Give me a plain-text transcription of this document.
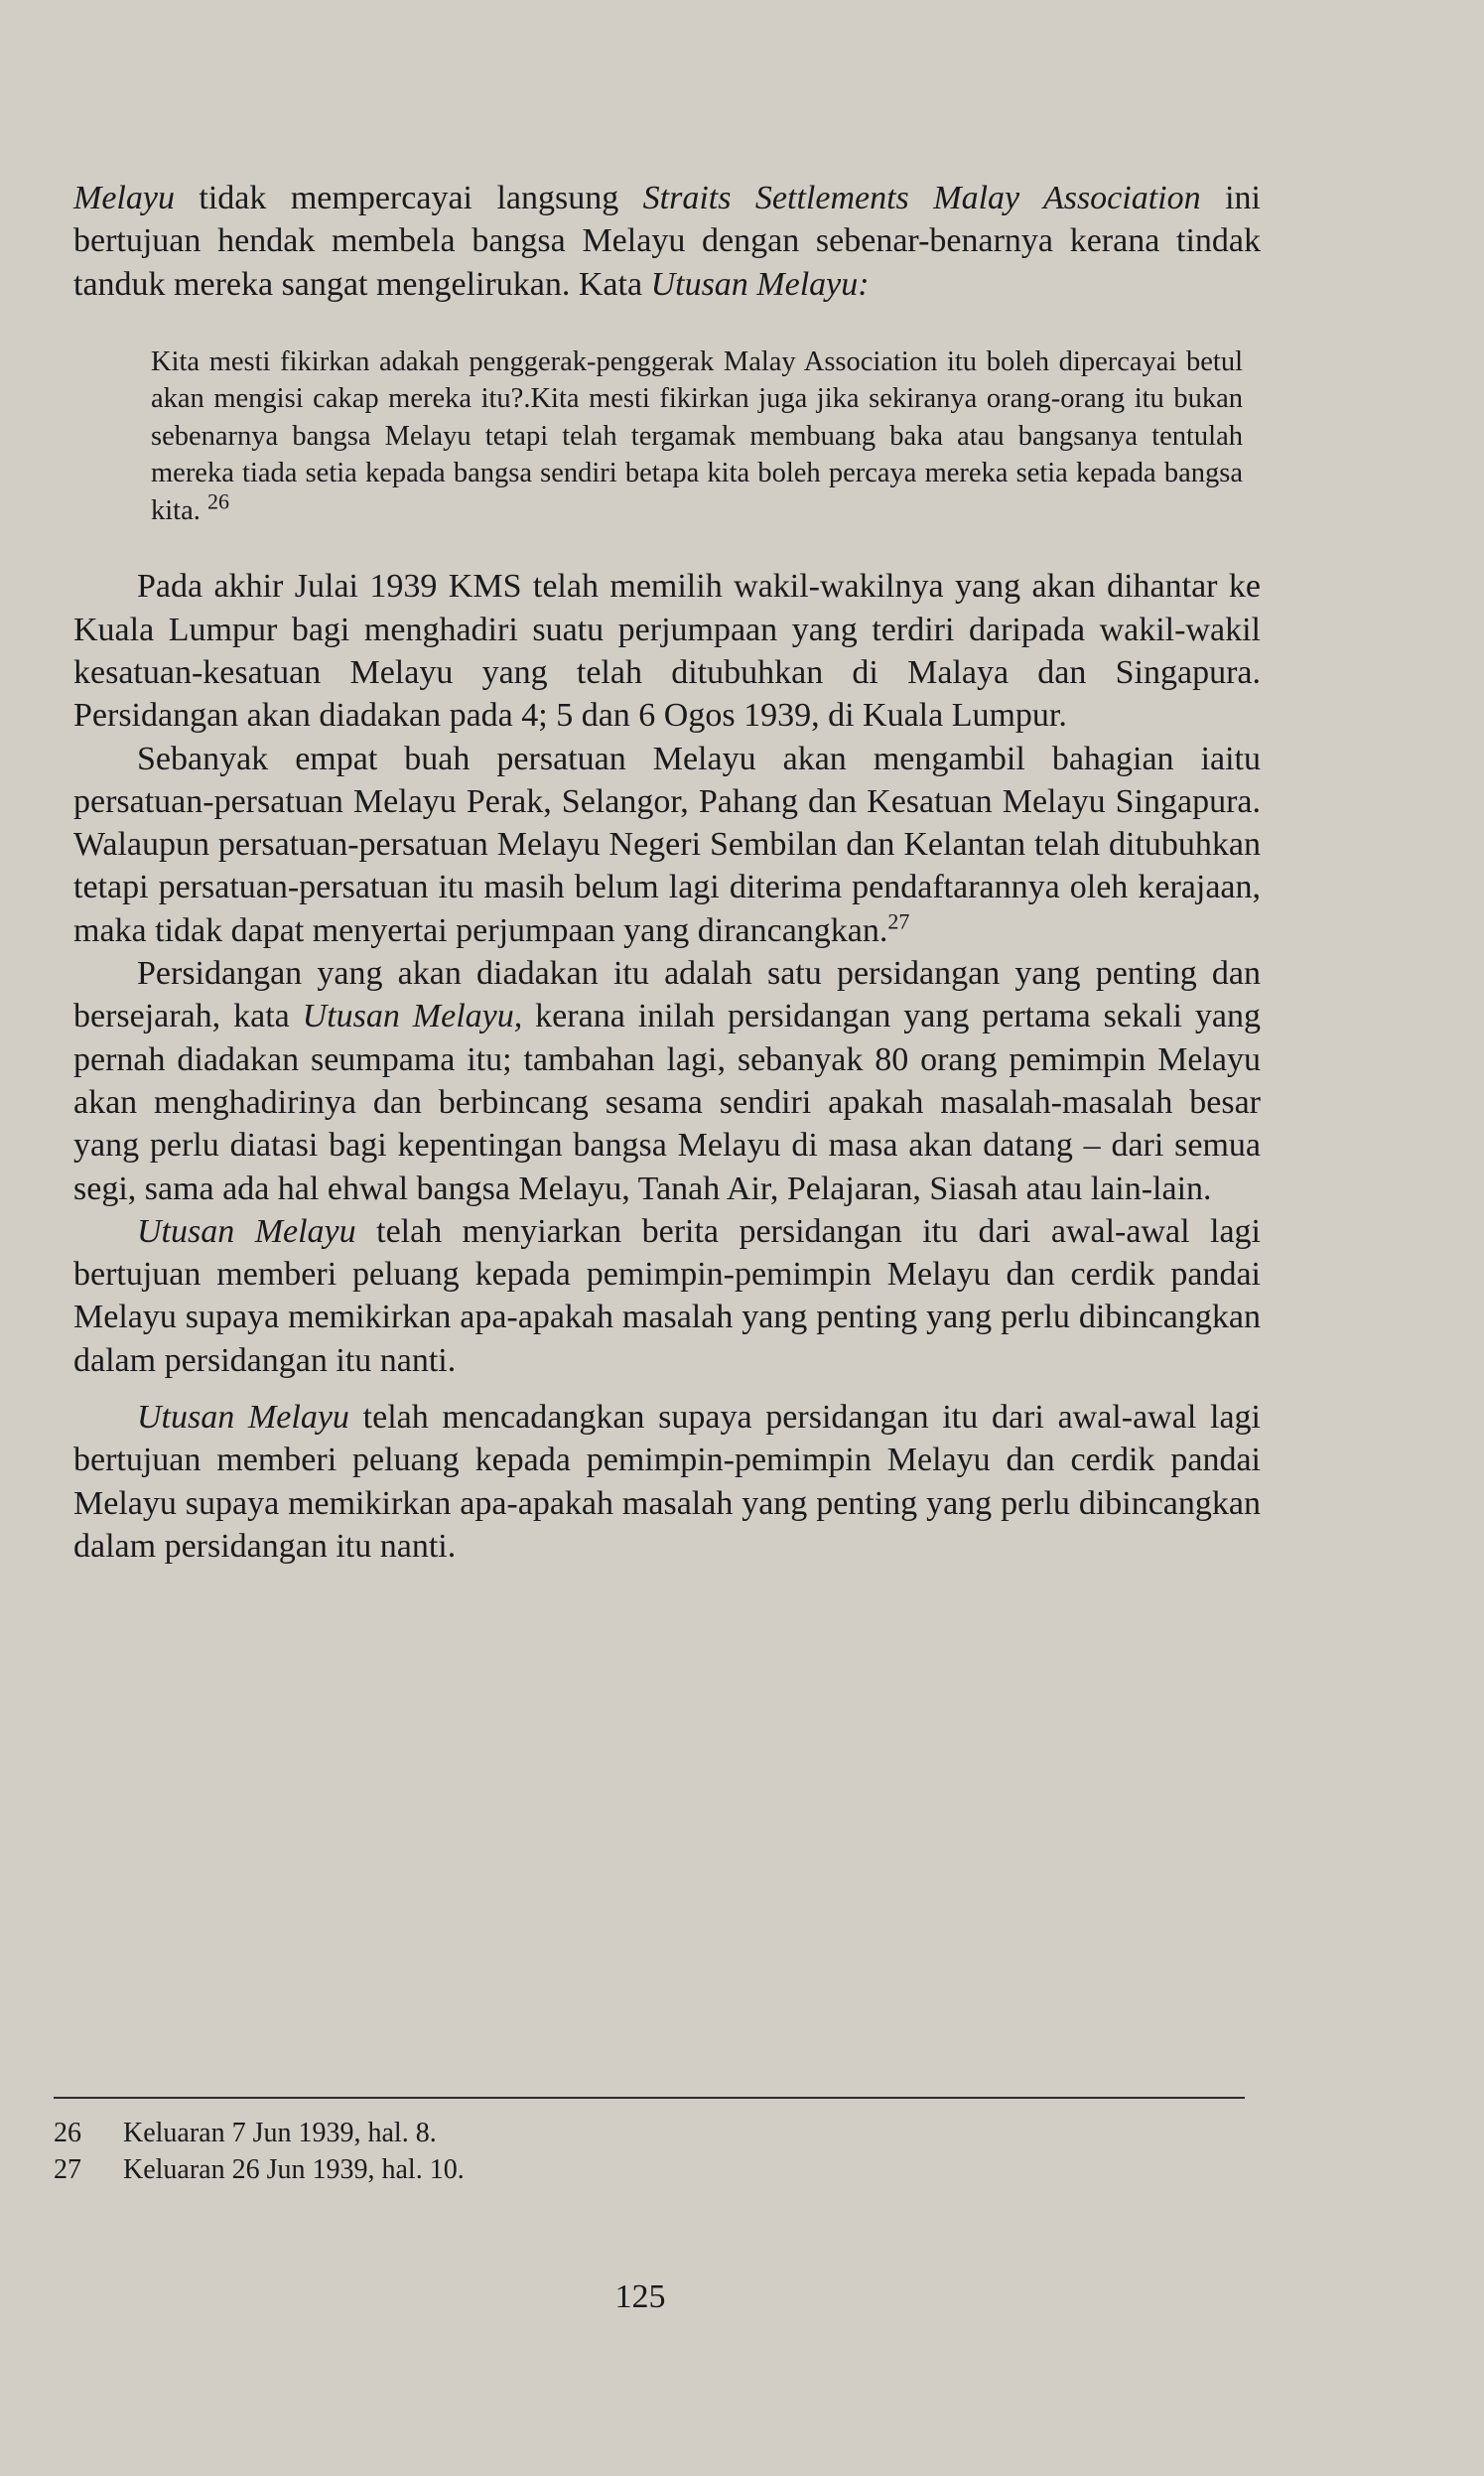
Melayu tidak mempercayai langsung Straits Settlements Malay Association ini bertujuan hendak membela bangsa Melayu dengan sebenar-benarnya kerana tindak tanduk mereka sangat mengelirukan. Kata Utusan Melayu:

Kita mesti fikirkan adakah penggerak-penggerak Malay Association itu boleh dipercayai betul akan mengisi cakap mereka itu?.Kita mesti fikirkan juga jika sekiranya orang-orang itu bukan sebenarnya bangsa Melayu tetapi telah tergamak membuang baka atau bangsanya tentulah mereka tiada setia kepada bangsa sendiri betapa kita boleh percaya mereka setia kepada bangsa kita. $^{26}$

Pada akhir Julai 1939 KMS telah memilih wakil-wakilnya yang akan dihantar ke Kuala Lumpur bagi menghadiri suatu perjumpaan yang terdiri daripada wakil-wakil kesatuan-kesatuan Melayu yang telah ditubuhkan di Malaya dan Singapura. Persidangan akan diadakan pada 4; 5 dan 6 Ogos 1939, di Kuala Lumpur.

Sebanyak empat buah persatuan Melayu akan mengambil bahagian iaitu persatuan-persatuan Melayu Perak, Selangor, Pahang dan Kesatuan Melayu Singapura. Walaupun persatuan-persatuan Melayu Negeri Sembilan dan Kelantan telah ditubuhkan tetapi persatuan-persatuan itu masih belum lagi diterima pendaftarannya oleh kerajaan, maka tidak dapat menyertai perjumpaan yang dirancangkan.$^{27}$

Persidangan yang akan diadakan itu adalah satu persidangan yang penting dan bersejarah, kata Utusan Melayu, kerana inilah persidangan yang pertama sekali yang pernah diadakan seumpama itu; tambahan lagi, sebanyak 80 orang pemimpin Melayu akan menghadirinya dan berbincang sesama sendiri apakah masalah-masalah besar yang perlu diatasi bagi kepentingan bangsa Melayu di masa akan datang – dari semua segi, sama ada hal ehwal bangsa Melayu, Tanah Air, Pelajaran, Siasah atau lain-lain.

Utusan Melayu telah menyiarkan berita persidangan itu dari awal-awal lagi bertujuan memberi peluang kepada pemimpin-pemimpin Melayu dan cerdik pandai Melayu supaya memikirkan apa-apakah masalah yang penting yang perlu dibincangkan dalam persidangan itu nanti.

Utusan Melayu telah mencadangkan supaya persidangan itu dari awal-awal lagi bertujuan memberi peluang kepada pemimpin-pemimpin Melayu dan cerdik pandai Melayu supaya memikirkan apa-apakah masalah yang penting yang perlu dibincangkan dalam persidangan itu nanti.

26	Keluaran 7 Jun 1939, hal. 8.
27	Keluaran 26 Jun 1939, hal. 10.
125
